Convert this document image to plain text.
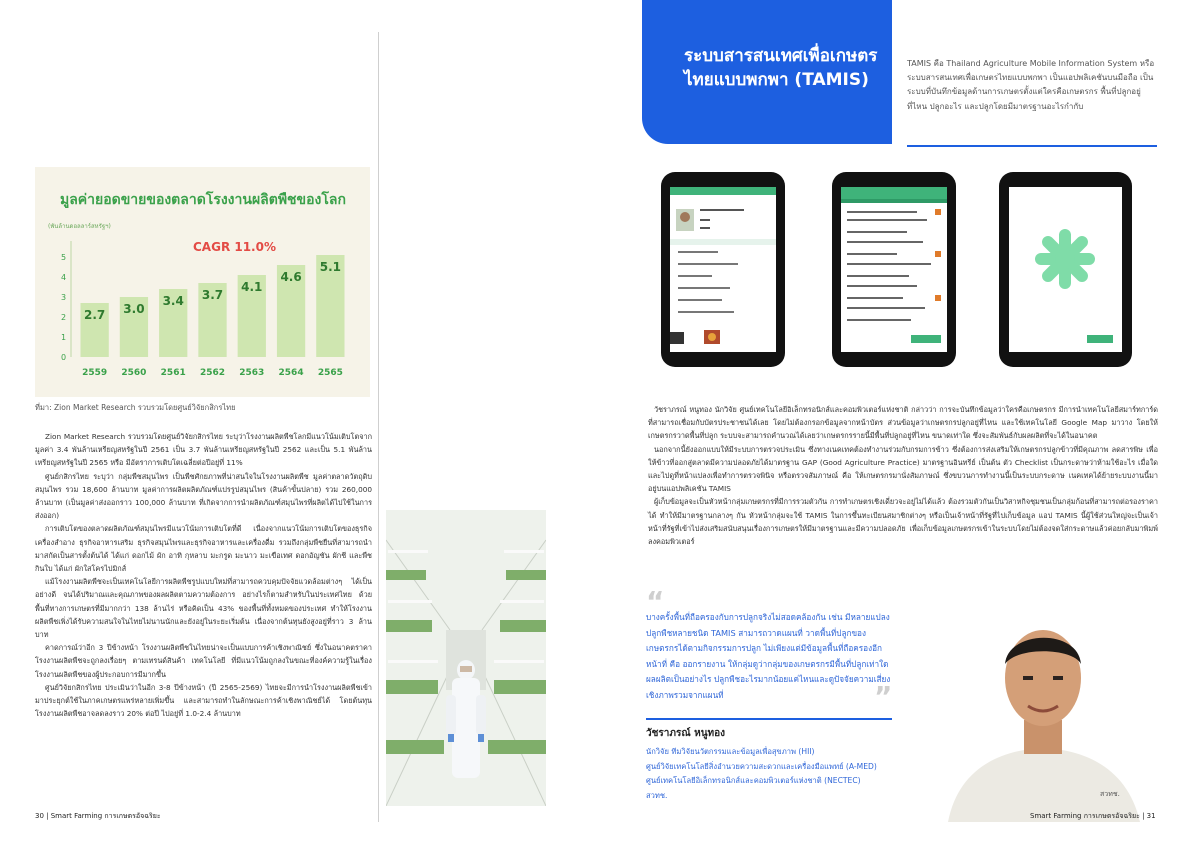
มูลค่ายอดขายของตลาดโรงงานผลิตพืชของโลก
(พันล้านดอลลาร์สหรัฐฯ)
CAGR 11.0%
0
1
2
3
4
5
2.7
2559
3.0
2560
3.4
2561
3.7
2562
4.1
2563
4.6
2564
5.1
2565
ที่มา: Zion Market Research รวบรวมโดยศูนย์วิจัยกสิกรไทย

Zion Market Research รวบรวมโดยศูนย์วิจัยกสิกรไทย ระบุว่าโรงงานผลิตพืชโลกมีแนวโน้มเติบโตจากมูลค่า 3.4 พันล้านเหรียญสหรัฐในปี 2561 เป็น 3.7 พันล้านเหรียญสหรัฐในปี 2562 และเป็น 5.1 พันล้านเหรียญสหรัฐในปี 2565 หรือ มีอัตราการเติบโตเฉลี่ยต่อปีอยู่ที่ 11%

ศูนย์กสิกรไทย ระบุว่า กลุ่มพืชสมุนไพร เป็นพืชศักยภาพที่น่าสนใจในโรงงานผลิตพืช มูลค่าตลาดวัตถุดิบสมุนไพร รวม 18,600 ล้านบาท มูลค่าการผลิตผลิตภัณฑ์แปรรูปสมุนไพร (สินค้าขั้นปลาย) รวม 260,000 ล้านบาท (เป็นมูลค่าส่งออกราว 100,000 ล้านบาท ที่เกิดจากการนำผลิตภัณฑ์สมุนไพรที่ผลิตได้ไปใช้ในการส่งออก)

การเติบโตของตลาดผลิตภัณฑ์สมุนไพรมีแนวโน้มการเติบโตที่ดี เนื่องจากแนวโน้มการเติบโตของธุรกิจเครื่องสำอาง ธุรกิจอาหารเสริม ธุรกิจสมุนไพรและธุรกิจอาหารและเครื่องดื่ม รวมถึงกลุ่มพืชยืนที่สามารถนำมาสกัดเป็นสารตั้งต้นได้ ได้แก่ ดอกไม้ ผัก อาทิ กุหลาบ มะกรูด มะนาว มะเขือเทศ ดอกอัญชัน ผักชี และพืชกินใบ ได้แก่ ผักใสโครไปมิกส์

แม้โรงงานผลิตพืชจะเป็นเทคโนโลยีการผลิตพืชรูปแบบใหม่ที่สามารถควบคุมปัจจัยแวดล้อมต่างๆ ได้เป็นอย่างดี จนได้ปริมาณและคุณภาพของผลผลิตตามความต้องการ อย่างไรก็ตามสำหรับในประเทศไทย ด้วยพื้นที่ทางการเกษตรที่มีมากกว่า 138 ล้านไร่ หรือคิดเป็น 43% ของพื้นที่ทั้งหมดของประเทศ ทำให้โรงงานผลิตพืชเพิ่งได้รับความสนใจในไทยไม่นานนักและยังอยู่ในระยะเริ่มต้น เนื่องจากต้นทุนยังสูงอยู่ที่ราว 3 ล้านบาท

คาดการณ์ว่าอีก 3 ปีข้างหน้า โรงงานผลิตพืชในไทยน่าจะเป็นแบบการค้าเชิงพาณิชย์ ซึ่งในอนาคตราคาโรงงานผลิตพืชจะถูกลงเรื่อยๆ ตามเทรนด์สินค้า เทคโนโลยี ที่มีแนวโน้มถูกลงในขณะที่องค์ความรู้ในเรื่องโรงงานผลิตพืชของผู้ประกอบการมีมากขึ้น

ศูนย์วิจัยกสิกรไทย ประเมินว่าในอีก 3-8 ปีข้างหน้า (ปี 2565-2569) ไทยจะมีการนำโรงงานผลิตพืชเข้ามาประยุกต์ใช้ในภาคเกษตรแพร่หลายเพิ่มขึ้น และสามารถทำในลักษณะการค้าเชิงพาณิชย์ได้ โดยต้นทุนโรงงานผลิตพืชอาจลดลงราว 20% ต่อปี ไปอยู่ที่ 1.0-2.4 ล้านบาท

30 | Smart Farming การเกษตรอัจฉริยะ
ระบบสารสนเทศเพื่อเกษตรไทยแบบพกพา (TAMIS)
TAMIS คือ Thailand Agriculture Mobile Information System หรือ ระบบสารสนเทศเพื่อเกษตรไทยแบบพกพา เป็นแอปพลิเคชันบนมือถือ เป็นระบบที่บันทึกข้อมูลด้านการเกษตรตั้งแต่ใครคือเกษตรกร พื้นที่ปลูกอยู่ที่ไหน ปลูกอะไร และปลูกโดยมีมาตรฐานอะไรกำกับ

วัชราภรณ์ หนูทอง นักวิจัย ศูนย์เทคโนโลยีอิเล็กทรอนิกส์และคอมพิวเตอร์แห่งชาติ กล่าวว่า การจะบันทึกข้อมูลว่าใครคือเกษตรกร มีการนำเทคโนโลยีสมาร์ทการ์ดที่สามารถเชื่อมกับบัตรประชาชนได้เลย โดยไม่ต้องกรอกข้อมูลจากหน้าบัตร ส่วนข้อมูลว่าเกษตรกรปลูกอยู่ที่ไหน และใช้เทคโนโลยี Google Map มาวาง โดยให้เกษตรกรวาดพื้นที่ปลูก ระบบจะสามารถคำนวณได้เลยว่าเกษตรกรรายนี้มีพื้นที่ปลูกอยู่ที่ไหน ขนาดเท่าใด ซึ่งจะสัมพันธ์กับผลผลิตที่จะได้ในอนาคต

นอกจากนี้ยังออกแบบให้มีระบบการตรวจประเมิน ซึ่งทางเนคเทคต้องทำงานร่วมกับกรมการข้าว ซึ่งต้องการส่งเสริมให้เกษตรกรปลูกข้าวที่มีคุณภาพ ลดสารพิษ เพื่อให้ข้าวที่ออกสู่ตลาดมีความปลอดภัยได้มาตรฐาน GAP (Good Agriculture Practice) มาตรฐานอินทรีย์ เป็นต้น ตัว Checklist เป็นกระดาษว่าห้ามใช้อะไร เมื่อใด และไปดูที่หน้าแปลงเพื่อทำการตรวจพินิจ หรือตรวจสัมภาษณ์ คือ ให้เกษตรกรมานั่งสัมภาษณ์ ซึ่งขบวนการทำงานนี้เป็นระบบกระดาษ เนคเทคได้ย้ายระบบงานนี้มาอยู่บนแอปพลิเคชัน TAMIS

ผู้เก็บข้อมูลจะเป็นหัวหน้ากลุ่มเกษตรกรที่มีการรวมตัวกัน การทำเกษตรเชิงเดี่ยวจะอยู่ไม่ได้แล้ว ต้องรวมตัวกันเป็นวิสาหกิจชุมชนเป็นกลุ่มก้อนที่สามารถต่อรองราคาได้ ทำให้มีมาตรฐานกลางๆ กัน หัวหน้ากลุ่มจะใช้ TAMIS ในการขึ้นทะเบียนสมาชิกต่างๆ หรือเป็นเจ้าหน้าที่รัฐที่ไปเก็บข้อมูล แอป TAMIS นี้ผู้ใช้ส่วนใหญ่จะเป็นเจ้าหน้าที่รัฐที่เข้าไปส่งเสริมสนับสนุนเรื่องการเกษตรให้มีมาตรฐานและมีความปลอดภัย เพื่อเก็บข้อมูลเกษตรกรเข้าในระบบโดยไม่ต้องจดใส่กระดาษแล้วค่อยกลับมาพิมพ์ลงคอมพิวเตอร์

“
บางครั้งพื้นที่ถือครองกับการปลูกจริงไม่สอดคล้องกัน เช่น มีหลายแปลง ปลูกพืชหลายชนิด TAMIS สามารถวาดแผนที่ วาดพื้นที่ปลูกของเกษตรกรได้ตามกิจกรรมการปลูก ไม่เพียงแต่มีข้อมูลพื้นที่ถือครองอีกหน้าที่ คือ ออกรายงาน ให้กลุ่มดูว่ากลุ่มของเกษตรกรมีพื้นที่ปลูกเท่าใด ผลผลิตเป็นอย่างไร ปลูกพืชอะไรมากน้อยแค่ไหนและดูปัจจัยความเสี่ยงเชิงภาพรวมจากแผนที่	”
วัชราภรณ์ หนูทอง
นักวิจัย ทีมวิจัยนวัตกรรมและข้อมูลเพื่อสุขภาพ (HII)
ศูนย์วิจัยเทคโนโลยีสิ่งอำนวยความสะดวกและเครื่องมือแพทย์ (A-MED)
ศูนย์เทคโนโลยีอิเล็กทรอนิกส์และคอมพิวเตอร์แห่งชาติ (NECTEC)
สวทช.	สวทช.
Smart Farming การเกษตรอัจฉริยะ | 31
